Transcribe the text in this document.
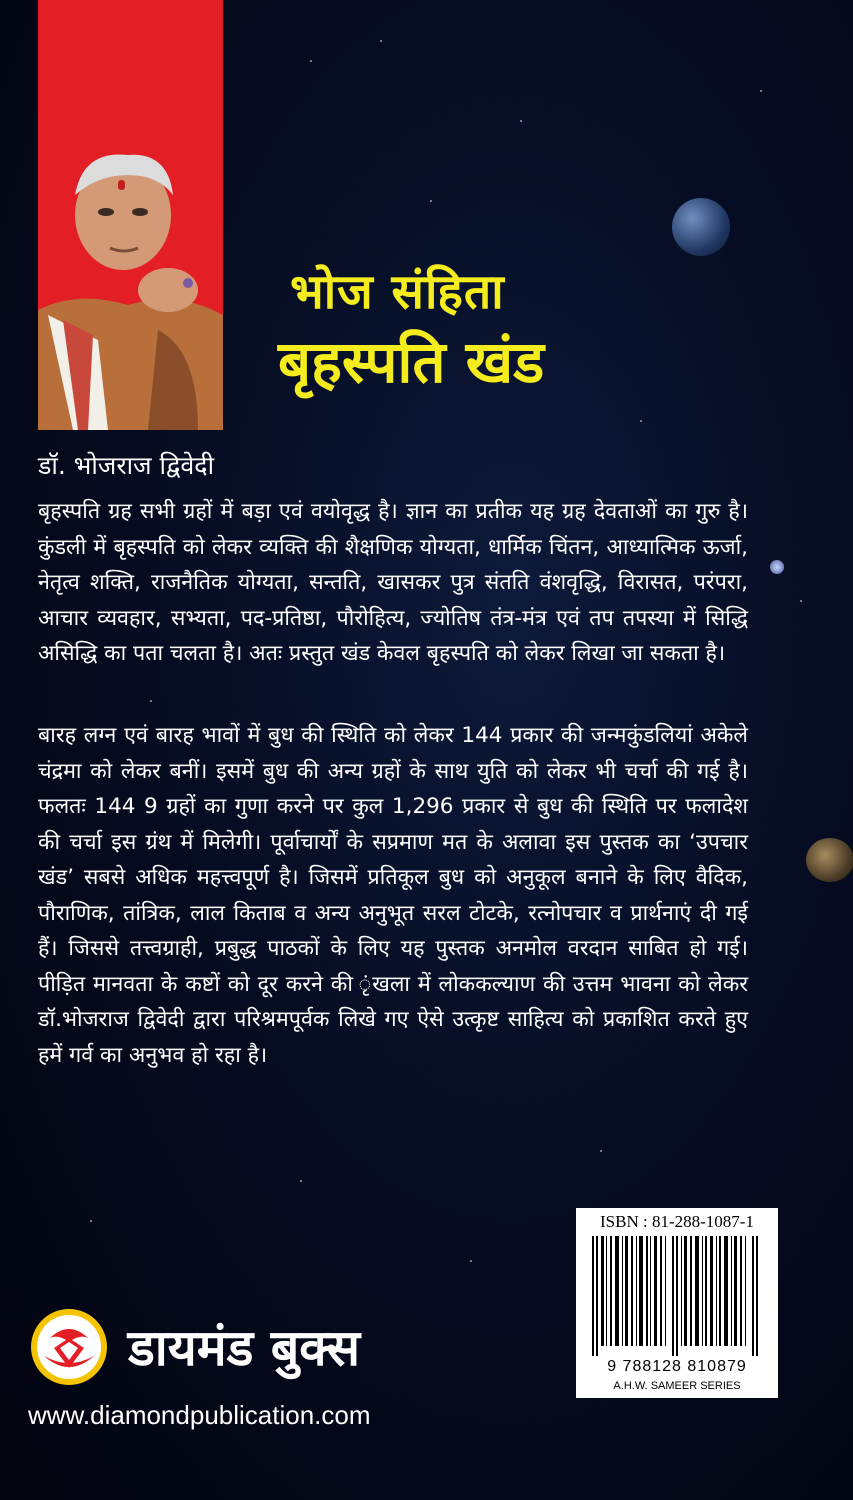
भोज संहिता
बृहस्पति खंड
डॉ. भोजराज द्विवेदी

बृहस्पति ग्रह सभी ग्रहों में बड़ा एवं वयोवृद्ध है। ज्ञान का प्रतीक यह ग्रह देवताओं का गुरु है। कुंडली में बृहस्पति को लेकर व्यक्ति की शैक्षणिक योग्यता, धार्मिक चिंतन, आध्यात्मिक ऊर्जा, नेतृत्व शक्ति, राजनैतिक योग्यता, सन्तति, खासकर पुत्र संतति वंशवृद्धि, विरासत, परंपरा, आचार व्यवहार, सभ्यता, पद-प्रतिष्ठा, पौरोहित्य, ज्योतिष तंत्र-मंत्र एवं तप तपस्या में सिद्धि असिद्धि का पता चलता है। अतः प्रस्तुत खंड केवल बृहस्पति को लेकर लिखा जा सकता है।

बारह लग्न एवं बारह भावों में बुध की स्थिति को लेकर 144 प्रकार की जन्मकुंडलियां अकेले चंद्रमा को लेकर बनीं। इसमें बुध की अन्य ग्रहों के साथ युति को लेकर भी चर्चा की गई है। फलतः 144 9 ग्रहों का गुणा करने पर कुल 1,296 प्रकार से बुध की स्थिति पर फलादेश की चर्चा इस ग्रंथ में मिलेगी। पूर्वाचार्यों के सप्रमाण मत के अलावा इस पुस्तक का ‘उपचार खंड’ सबसे अधिक महत्त्वपूर्ण है। जिसमें प्रतिकूल बुध को अनुकूल बनाने के लिए वैदिक, पौराणिक, तांत्रिक, लाल किताब व अन्य अनुभूत सरल टोटके, रत्नोपचार व प्रार्थनाएं दी गई हैं। जिससे तत्त्वग्राही, प्रबुद्ध पाठकों के लिए यह पुस्तक अनमोल वरदान साबित हो गई। पीड़ित मानवता के कष्टों को दूर करने की ृंखला में लोककल्याण की उत्तम भावना को लेकर डॉ.भोजराज द्विवेदी द्वारा परिश्रमपूर्वक लिखे गए ऐसे उत्कृष्ट साहित्य को प्रकाशित करते हुए हमें गर्व का अनुभव हो रहा है।

ISBN : 81-288-1087-1
9 788128 810879
A.H.W. SAMEER SERIES
डायमंड बुक्स
www.diamondpublication.com
